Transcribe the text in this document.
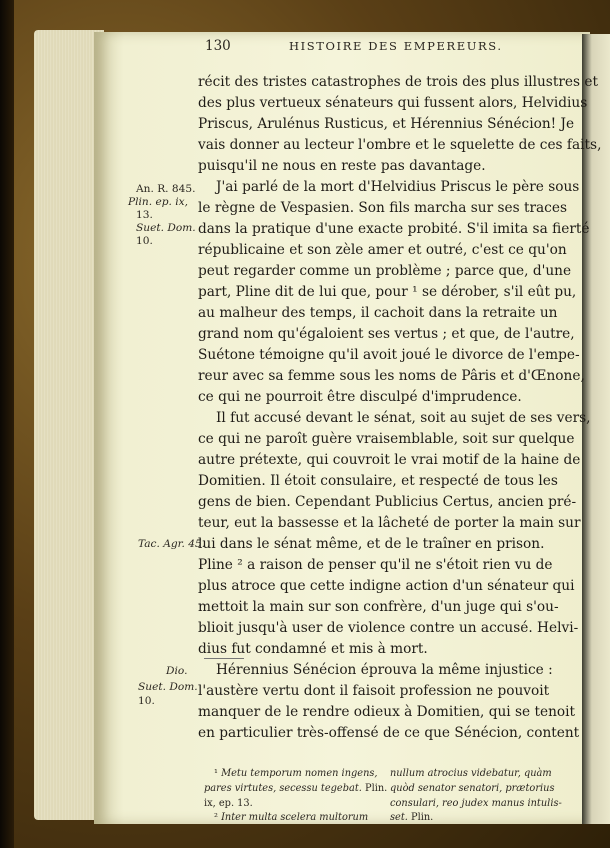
130	HISTOIRE DES EMPEREURS.
récit des tristes catastrophes de trois des plus illustres et
des plus vertueux sénateurs qui fussent alors, Helvidius
Priscus, Arulénus Rusticus, et Hérennius Sénécion! Je
vais donner au lecteur l'ombre et le squelette de ces faits,
puisqu'il ne nous en reste pas davantage.
J'ai parlé de la mort d'Helvidius Priscus le père sous
le règne de Vespasien. Son fils marcha sur ses traces
dans la pratique d'une exacte probité. S'il imita sa fierté
républicaine et son zèle amer et outré, c'est ce qu'on
peut regarder comme un problème ; parce que, d'une
part, Pline dit de lui que, pour ¹ se dérober, s'il eût pu,
au malheur des temps, il cachoit dans la retraite un
grand nom qu'égaloient ses vertus ; et que, de l'autre,
Suétone témoigne qu'il avoit joué le divorce de l'empe-
reur avec sa femme sous les noms de Pâris et d'Œnone,
ce qui ne pourroit être disculpé d'imprudence.
Il fut accusé devant le sénat, soit au sujet de ses vers,
ce qui ne paroît guère vraisemblable, soit sur quelque
autre prétexte, qui couvroit le vrai motif de la haine de
Domitien. Il étoit consulaire, et respecté de tous les
gens de bien. Cependant Publicius Certus, ancien pré-
teur, eut la bassesse et la lâcheté de porter la main sur
lui dans le sénat même, et de le traîner en prison.
Pline ² a raison de penser qu'il ne s'étoit rien vu de
plus atroce que cette indigne action d'un sénateur qui
mettoit la main sur son confrère, d'un juge qui s'ou-
blioit jusqu'à user de violence contre un accusé. Helvi-
dius fut condamné et mis à mort.
Hérennius Sénécion éprouva la même injustice :
l'austère vertu dont il faisoit profession ne pouvoit
manquer de le rendre odieux à Domitien, qui se tenoit
en particulier très-offensé de ce que Sénécion, content
An. R. 845.
Plin. ep. ix,
13.
Suet. Dom.
10.
Tac. Agr. 45.
Dio.
Suet. Dom.
10.
¹ Metu temporum nomen ingens,
pares virtutes, secessu tegebat. Plin.
ix, ep. 13.
² Inter multa scelera multorum
nullum atrocius videbatur, quàm
quòd senator senatori, prætorius
consulari, reo judex manus intulis-
set. Plin.
